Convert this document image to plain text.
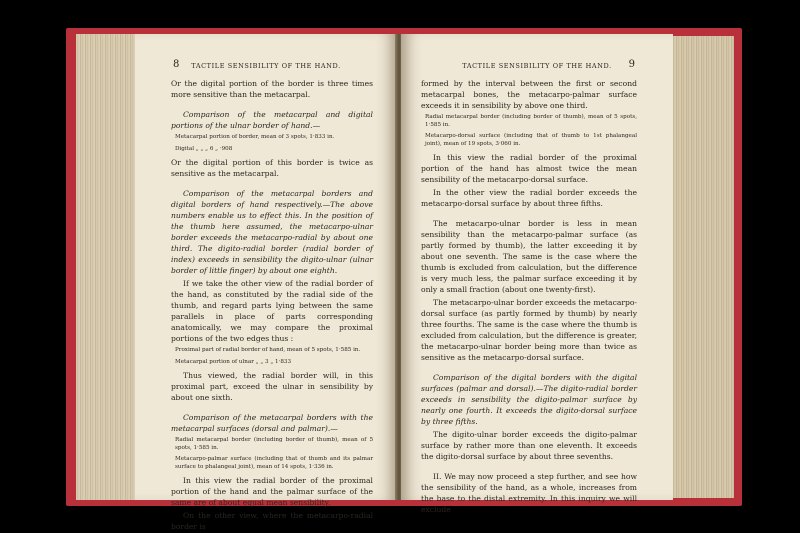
8	TACTILE SENSIBILITY OF THE HAND.

Or the digital portion of the border is three times more sensitive than the metacarpal.

Comparison of the metacarpal and digital portions of the ulnar border of hand.—

Metacarpal portion of border, mean of 3 spots, 1·833 in.

Digital „ „ „ 6 „ ·908

Or the digital portion of this border is twice as sensitive as the metacarpal.

Comparison of the metacarpal borders and digital borders of hand respectively.—The above numbers enable us to effect this. In the position of the thumb here assumed, the metacarpo-ulnar border exceeds the metacarpo-radial by about one third. The digito-radial border (radial border of index) exceeds in sensibility the digito-ulnar (ulnar border of little finger) by about one eighth.

If we take the other view of the radial border of the hand, as constituted by the radial side of the thumb, and regard parts lying between the same parallels in place of parts corresponding anatomically, we may compare the proximal portions of the two edges thus :

Proximal part of radial border of hand, mean of 5 spots, 1·585 in.

Metacarpal portion of ulnar „ „ 3 „ 1·833

Thus viewed, the radial border will, in this proximal part, exceed the ulnar in sensibility by about one sixth.

Comparison of the metacarpal borders with the metacarpal surfaces (dorsal and palmar).—

Radial metacarpal border (including border of thumb), mean of 5 spots, 1·585 in.

Metacarpo-palmar surface (including that of thumb and its palmar surface to phalangeal joint), mean of 14 spots, 1·336 in.

In this view the radial border of the proximal portion of the hand and the palmar surface of the same are of about equal mean sensibility.

On the other view, where the metacarpo-radial border is

TACTILE SENSIBILITY OF THE HAND.	9

formed by the interval between the first or second metacarpal bones, the metacarpo-palmar surface exceeds it in sensibility by above one third.

Radial metacarpal border (including border of thumb), mean of 5 spots, 1·585 in.

Metacarpo-dorsal surface (including that of thumb to 1st phalangeal joint), mean of 19 spots, 3·060 in.

In this view the radial border of the proximal portion of the hand has almost twice the mean sensibility of the metacarpo-dorsal surface.

In the other view the radial border exceeds the metacarpo-dorsal surface by about three fifths.

The metacarpo-ulnar border is less in mean sensibility than the metacarpo-palmar surface (as partly formed by thumb), the latter exceeding it by about one seventh. The same is the case where the thumb is excluded from calculation, but the difference is very much less, the palmar surface exceeding it by only a small fraction (about one twenty-first).

The metacarpo-ulnar border exceeds the metacarpo-dorsal surface (as partly formed by thumb) by nearly three fourths. The same is the case where the thumb is excluded from calculation, but the difference is greater, the metacarpo-ulnar border being more than twice as sensitive as the metacarpo-dorsal surface.

Comparison of the digital borders with the digital surfaces (palmar and dorsal).—The digito-radial border exceeds in sensibility the digito-palmar surface by nearly one fourth. It exceeds the digito-dorsal surface by three fifths.

The digito-ulnar border exceeds the digito-palmar surface by rather more than one eleventh. It exceeds the digito-dorsal surface by about three sevenths.

II. We may now proceed a step further, and see how the sensibility of the hand, as a whole, increases from the base to the distal extremity. In this inquiry we will exclude
